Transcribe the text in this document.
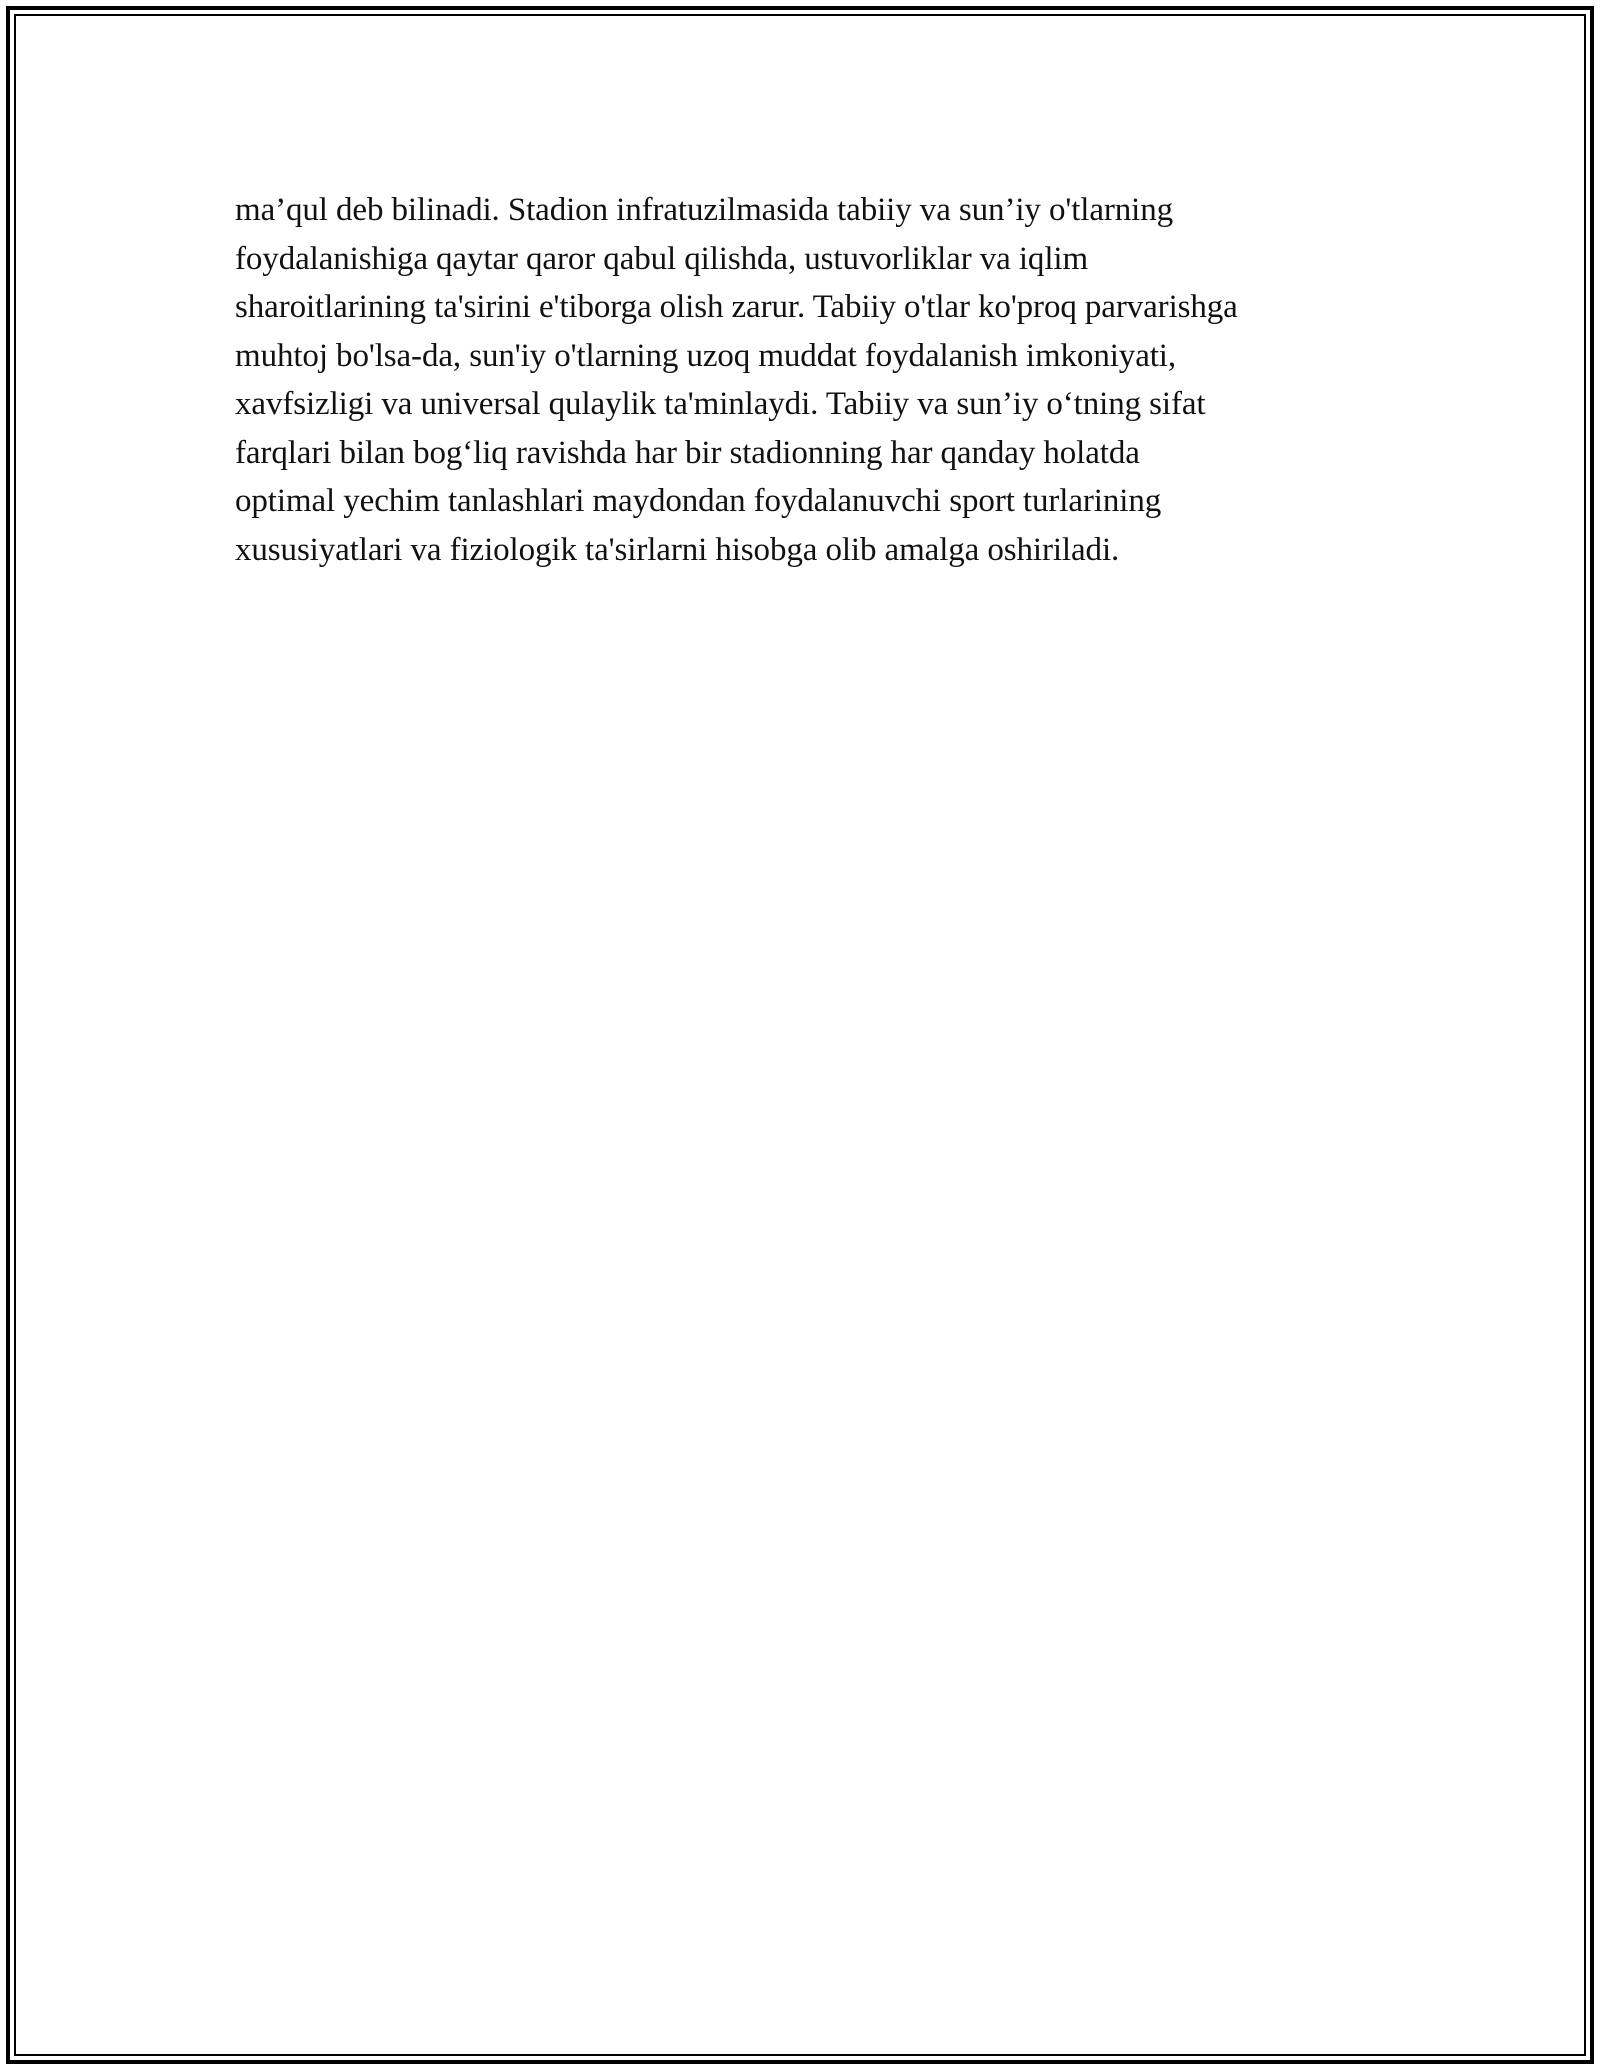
ma’qul deb bilinadi. Stadion infratuzilmasida tabiiy va sun’iy o'tlarning
foydalanishiga qaytar qaror qabul qilishda, ustuvorliklar va iqlim
sharoitlarining ta'sirini e'tiborga olish zarur. Tabiiy o'tlar ko'proq parvarishga
muhtoj bo'lsa-da, sun'iy o'tlarning uzoq muddat foydalanish imkoniyati,
xavfsizligi va universal qulaylik ta'minlaydi. Tabiiy va sun’iy o‘tning sifat
farqlari bilan bog‘liq ravishda har bir stadionning har qanday holatda
optimal yechim tanlashlari maydondan foydalanuvchi sport turlarining
xususiyatlari va fiziologik ta'sirlarni hisobga olib amalga oshiriladi.
